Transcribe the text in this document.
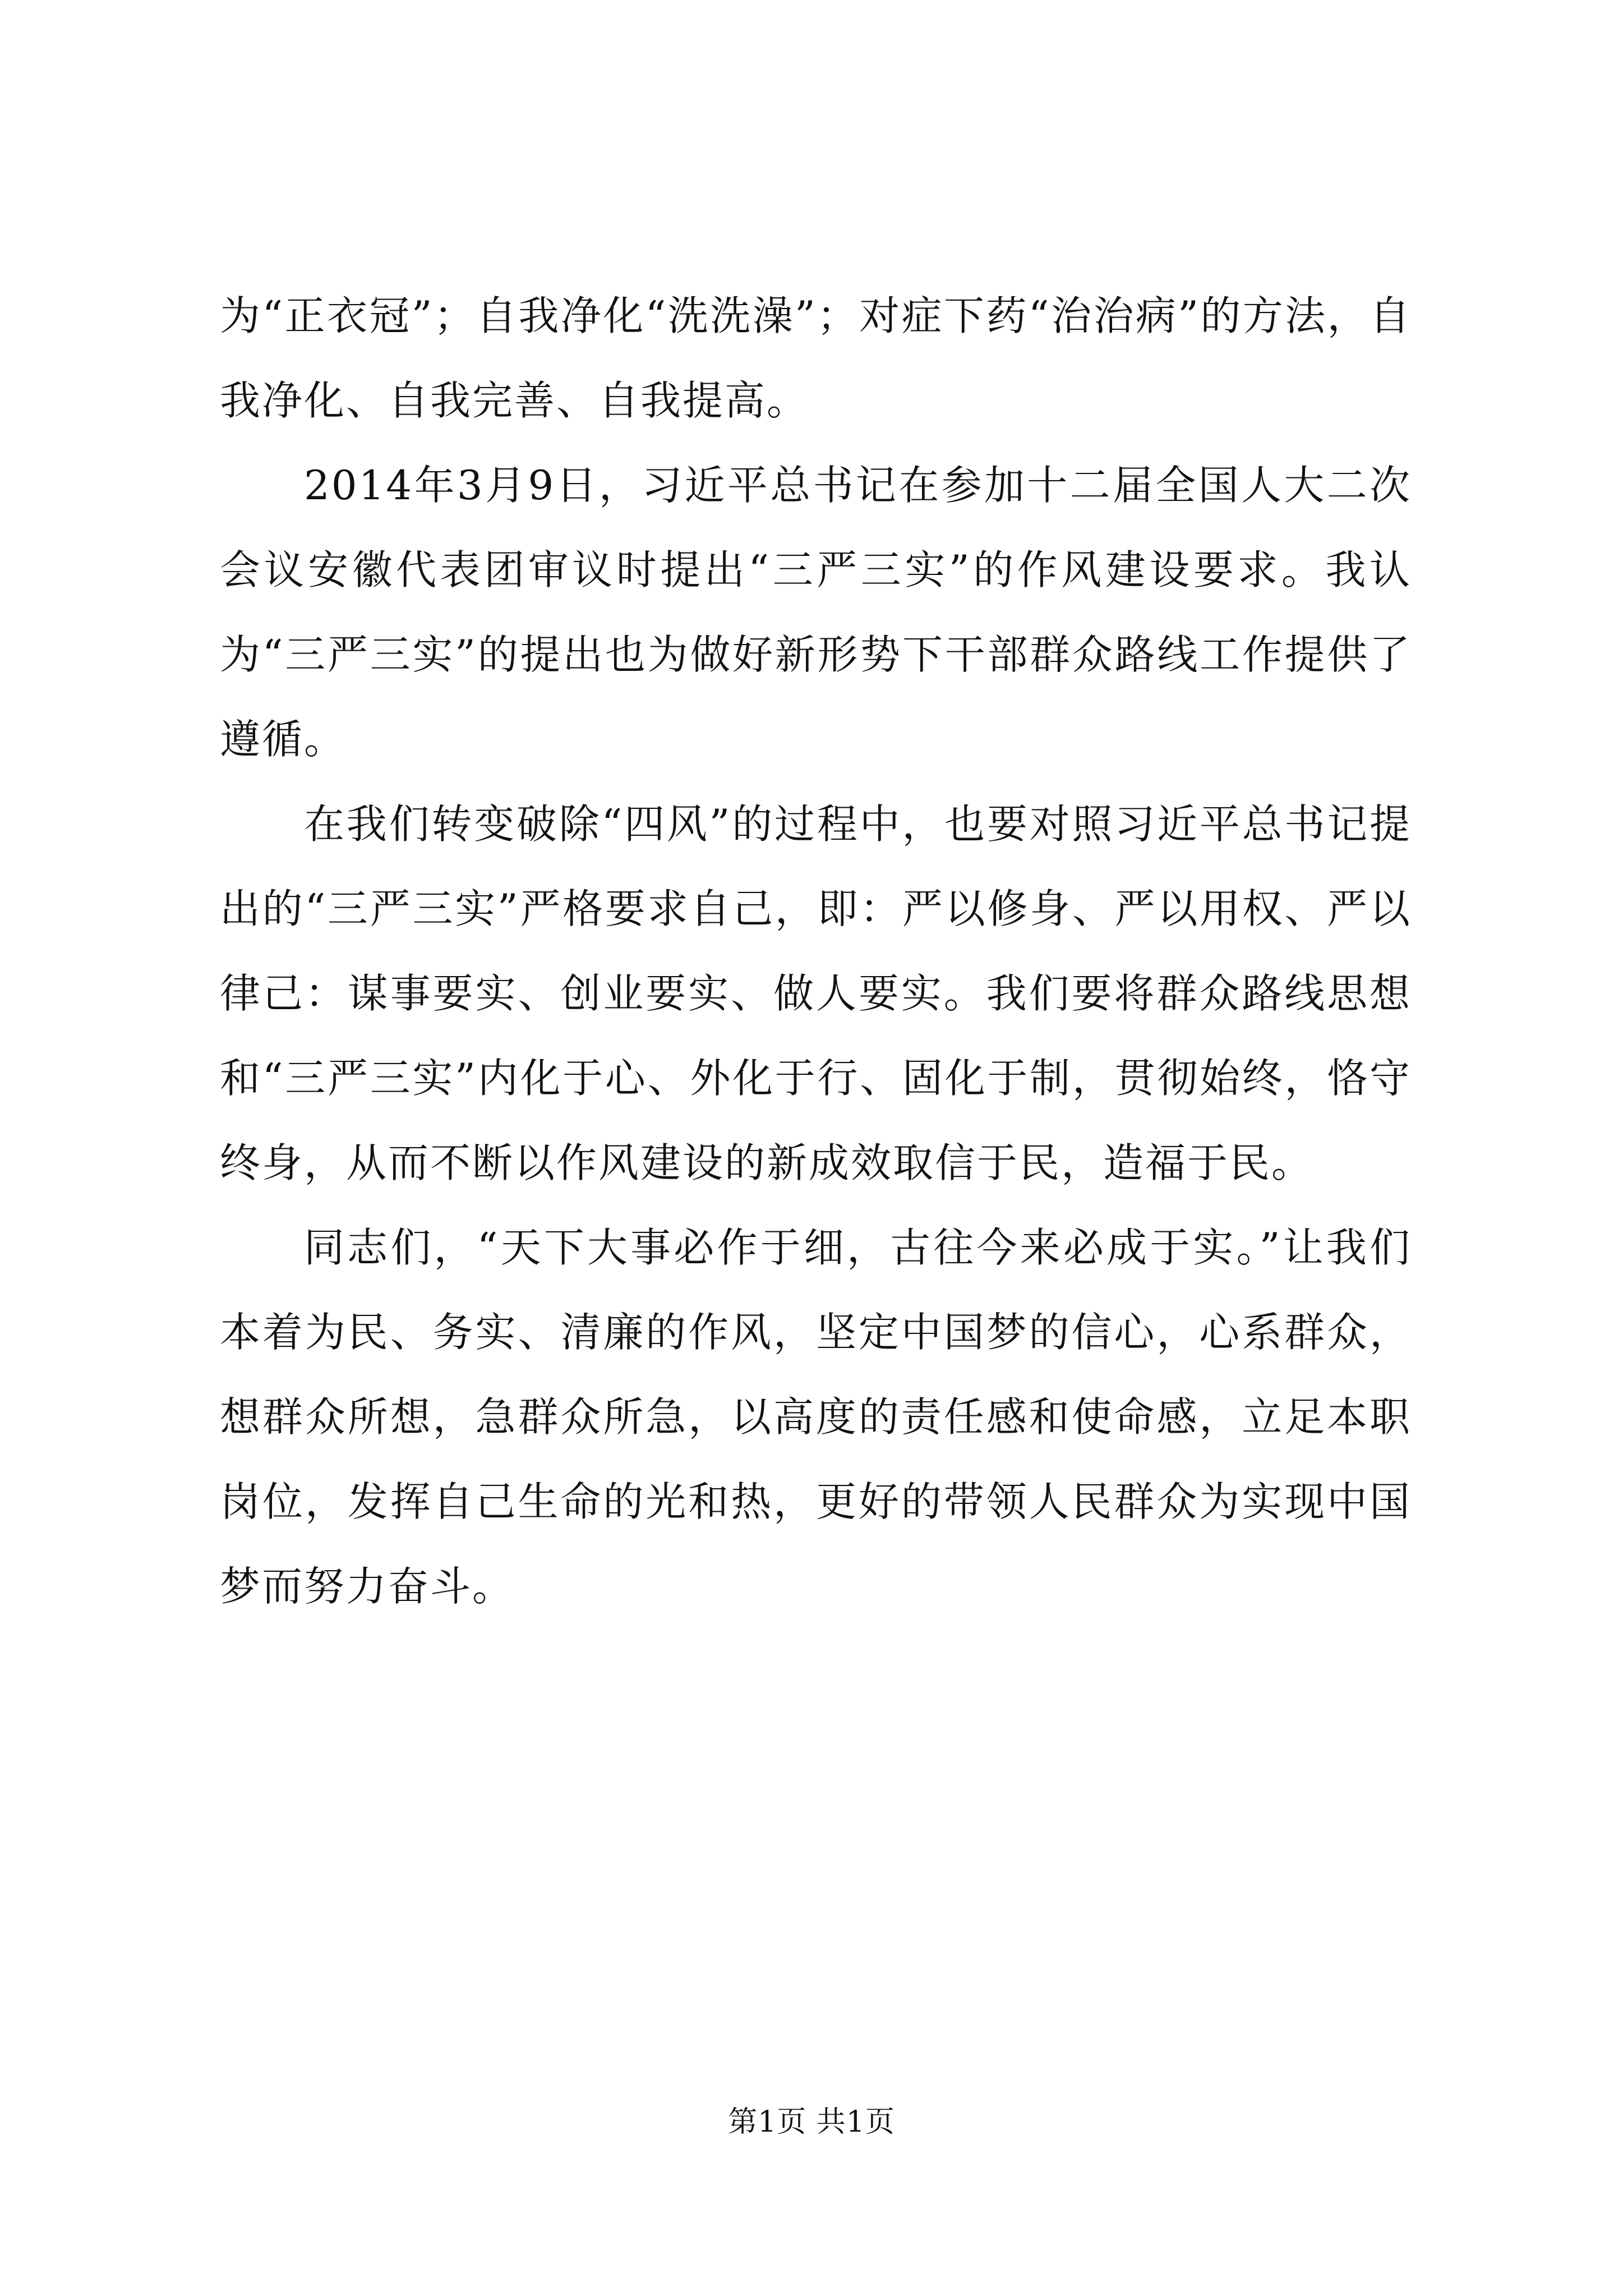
为“正衣冠”；自我净化“洗洗澡”；对症下药“治治病”的方法，自我净化、自我完善、自我提高。

2014年3月9日，习近平总书记在参加十二届全国人大二次会议安徽代表团审议时提出“三严三实”的作风建设要求。我认为“三严三实”的提出也为做好新形势下干部群众路线工作提供了遵循。

在我们转变破除“四风”的过程中，也要对照习近平总书记提出的“三严三实”严格要求自己，即：严以修身、严以用权、严以律己：谋事要实、创业要实、做人要实。我们要将群众路线思想和“三严三实”内化于心、外化于行、固化于制，贯彻始终，恪守终身，从而不断以作风建设的新成效取信于民，造福于民。

同志们，“天下大事必作于细，古往今来必成于实。”让我们本着为民、务实、清廉的作风，坚定中国梦的信心，心系群众，想群众所想，急群众所急，以高度的责任感和使命感，立足本职岗位，发挥自己生命的光和热，更好的带领人民群众为实现中国梦而努力奋斗。

第1页 共1页
